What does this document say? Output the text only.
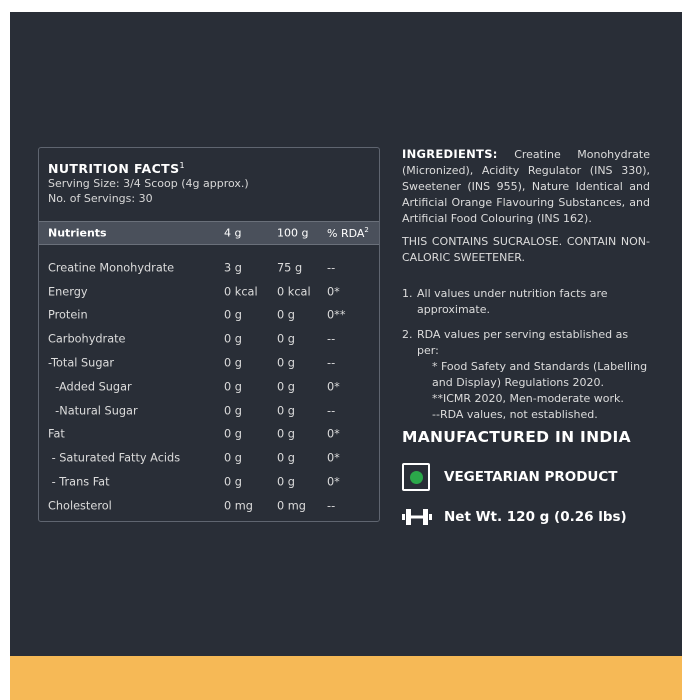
NUTRITION FACTS$^1$
Serving Size: 3/4 Scoop (4g approx.)
No. of Servings: 30
Nutrients	4 g	100 g % RDA$^2$
Creatine Monohydrate	3 g	75 g --
Energy	0 kcal 0 kcal 0*
Protein	0 g	0 g	0**
Carbohydrate	0 g	0 g	--
-Total Sugar	0 g	0 g	--
-Added Sugar	0 g	0 g	0*
-Natural Sugar	0 g	0 g	--
Fat	0 g	0 g	0*
- Saturated Fatty Acids	0 g	0 g	0*
- Trans Fat	0 g	0 g	0*
Cholesterol	0 mg 0 mg --
INGREDIENTS: Creatine Monohydrate (Micronized), Acidity Regulator (INS 330), Sweetener (INS 955), Nature Identical and Artificial Orange Flavouring Substances, and Artificial Food Colouring (INS 162).
THIS CONTAINS SUCRALOSE. CONTAIN NON-CALORIC SWEETENER.
1. All values under nutrition facts are approximate.
2. RDA values per serving established as per:
* Food Safety and Standards (Labelling and Display) Regulations 2020.
**ICMR 2020, Men-moderate work.
--RDA values, not established.
MANUFACTURED IN INDIA
VEGETARIAN PRODUCT
Net Wt. 120 g (0.26 lbs)
